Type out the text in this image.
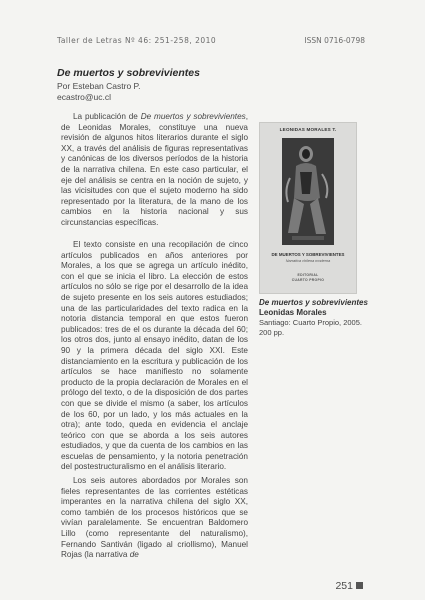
Taller de Letras Nº 46: 251-258, 2010	ISSN 0716-0798
De muertos y sobrevivientes
Por Esteban Castro P.
ecastro@uc.cl

La publicación de De muertos y sobrevivientes, de Leonidas Morales, constituye una nueva revisión de algunos hitos literarios durante el siglo XX, a través del análisis de figuras representativas y canónicas de los diversos períodos de la historia de la narrativa chilena. En este caso particular, el eje del análisis se centra en la noción de sujeto, y las vicisitudes con que el sujeto moderno ha sido representado por la literatura, de la mano de los cambios en la historia nacional y sus circunstancias específicas.

El texto consiste en una recopilación de cinco artículos publicados en años anteriores por Morales, a los que se agrega un artículo inédito, con el que se inicia el libro. La elección de estos artículos no sólo se rige por el desarrollo de la idea de sujeto presente en los seis autores estudiados; una de las particularidades del texto radica en la notoria distancia temporal en que estos fueron publicados: tres de el os durante la década del 60; los otros dos, junto al ensayo inédito, datan de los 90 y la primera década del siglo XXI. Este distanciamiento en la escritura y publicación de los artículos se hace manifiesto no solamente producto de la propia declaración de Morales en el prólogo del texto, o de la disposición de dos partes con que se divide el mismo (a saber, los artículos de los 60, por un lado, y los más actuales en la otra); ante todo, queda en evidencia el anclaje teórico con que se aborda a los seis autores estudiados, y que da cuenta de los cambios en las escuelas de pensamiento, y la notoria penetración del postestructuralismo en el análisis literario.

Los seis autores abordados por Morales son fieles representantes de las corrientes estéticas imperantes en la narrativa chilena del siglo XX, como también de los procesos históricos que se vivían paralelamente. Se encuentran Baldomero Lillo (como representante del naturalismo), Fernando Santiván (ligado al criollismo), Manuel Rojas (la narrativa de

LEONIDAS MORALES T.
DE MUERTOS Y SOBREVIVIENTES
Narrativa chilena moderna
EDITORIAL
CUARTO PROPIO
De muertos y sobrevivientes
Leonidas Morales
Santiago: Cuarto Propio, 2005.
200 pp.
251
